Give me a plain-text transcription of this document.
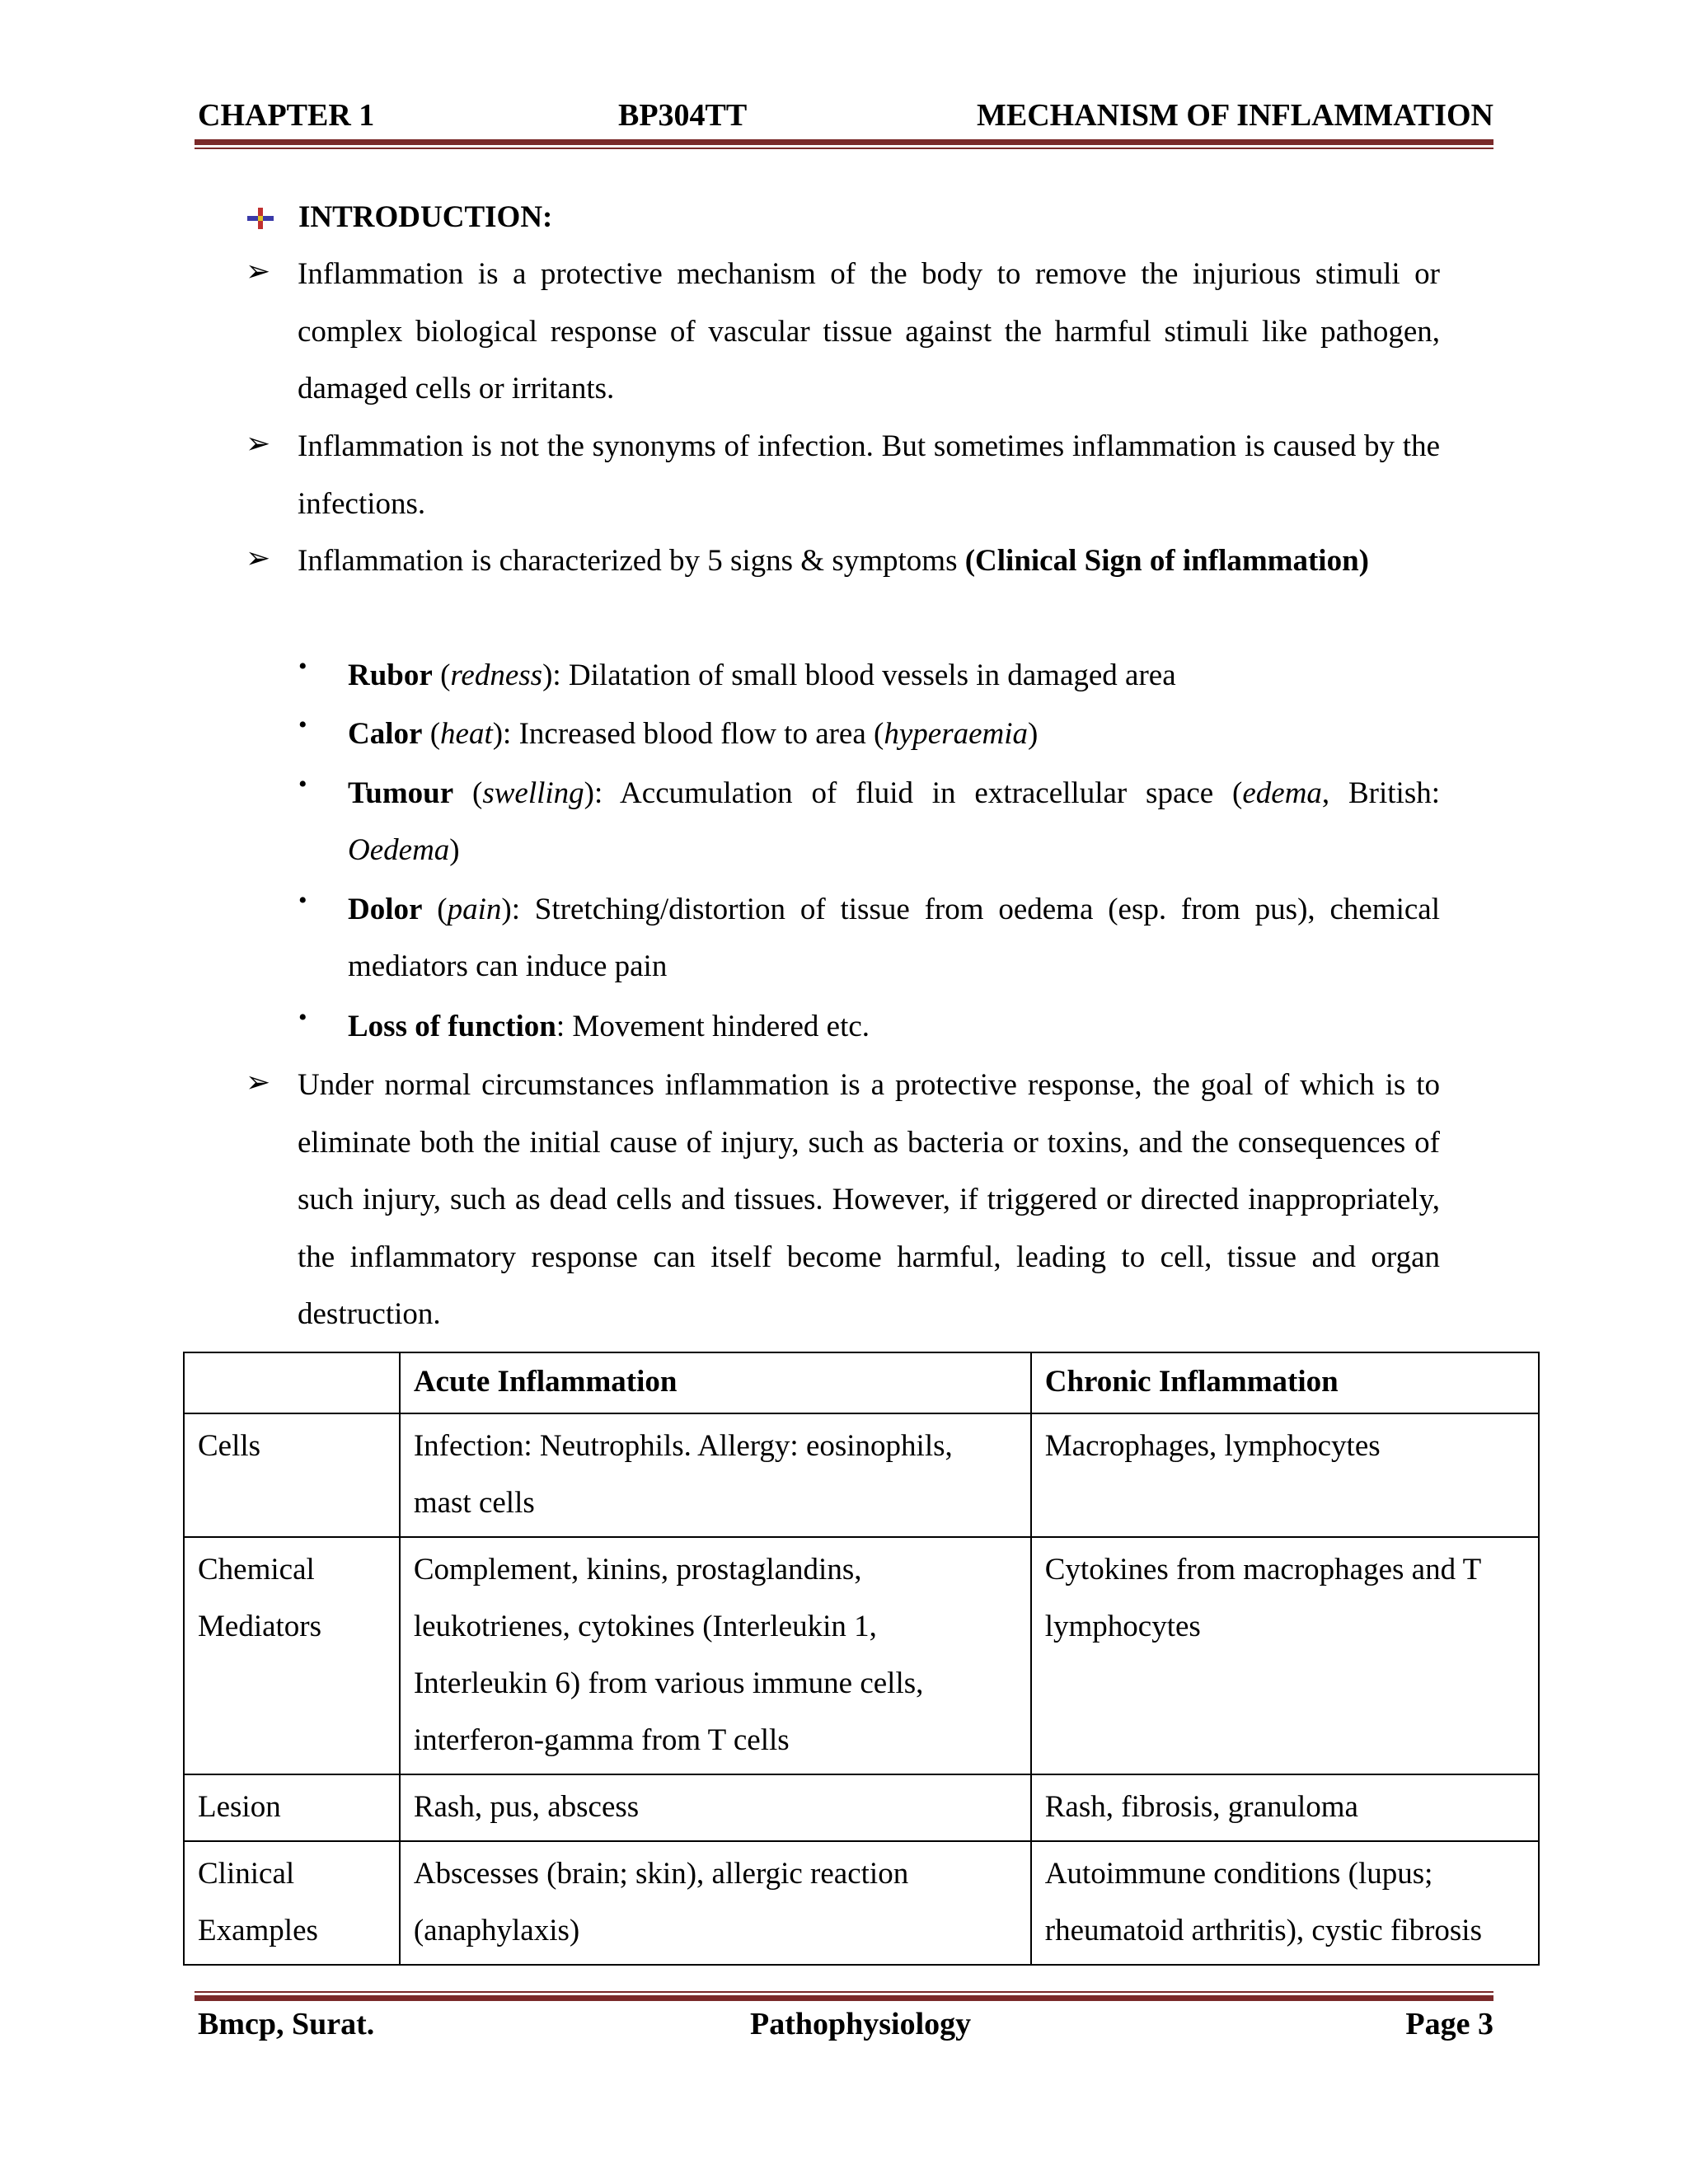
CHAPTER 1	BP304TT	MECHANISM OF INFLAMMATION
INTRODUCTION:
➢ Inflammation is a protective mechanism of the body to remove the injurious stimuli or complex biological response of vascular tissue against the harmful stimuli like pathogen, damaged cells or irritants.
➢ Inflammation is not the synonyms of infection. But sometimes inflammation is caused by the infections.
➢ Inflammation is characterized by 5 signs & symptoms (Clinical Sign of inflammation)
• Rubor (redness): Dilatation of small blood vessels in damaged area
• Calor (heat): Increased blood flow to area (hyperaemia)
• Tumour (swelling): Accumulation of fluid in extracellular space (edema, British: Oedema)
• Dolor (pain): Stretching/distortion of tissue from oedema (esp. from pus), chemical mediators can induce pain
• Loss of function: Movement hindered etc.
➢ Under normal circumstances inflammation is a protective response, the goal of which is to eliminate both the initial cause of injury, such as bacteria or toxins, and the consequences of such injury, such as dead cells and tissues. However, if triggered or directed inappropriately, the inflammatory response can itself become harmful, leading to cell, tissue and organ destruction.
	Acute Inflammation	Chronic Inflammation
Cells	Infection: Neutrophils. Allergy: eosinophils, mast cells	Macrophages, lymphocytes
Chemical Mediators	Complement, kinins, prostaglandins, leukotrienes, cytokines (Interleukin 1, Interleukin 6) from various immune cells, interferon-gamma from T cells	Cytokines from macrophages and T lymphocytes
Lesion	Rash, pus, abscess	Rash, fibrosis, granuloma
Clinical Examples	Abscesses (brain; skin), allergic reaction (anaphylaxis)	Autoimmune conditions (lupus; rheumatoid arthritis), cystic fibrosis
Bmcp, Surat.	Pathophysiology	Page 3
